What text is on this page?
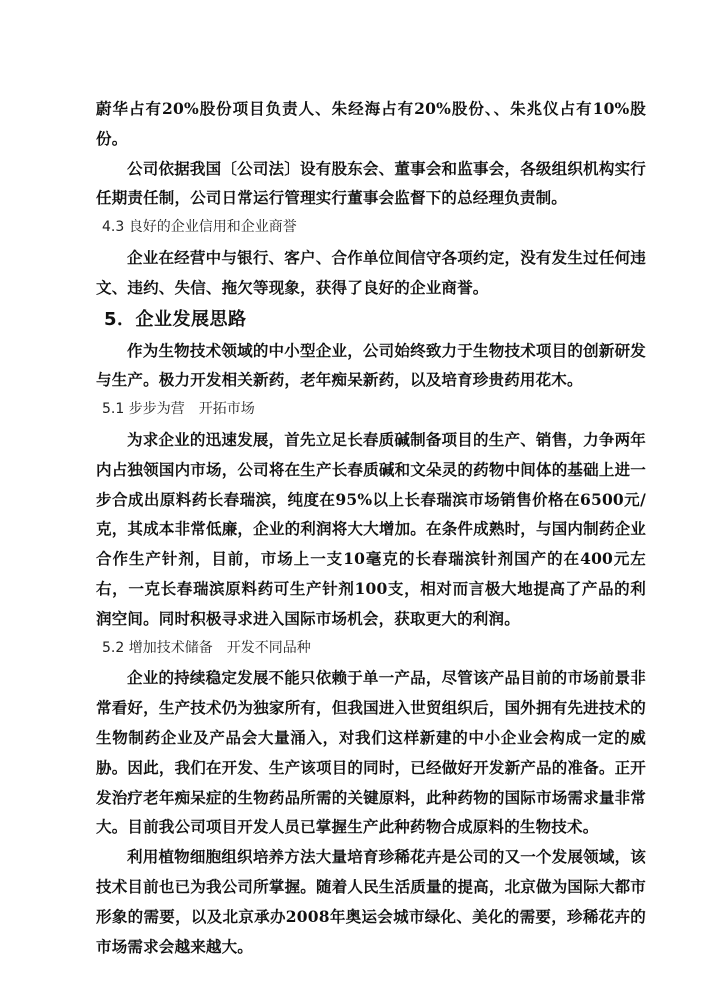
蔚华占有20%股份项目负责人、朱经海占有20%股份、、朱兆仪占有10%股份。

公司依据我国〔公司法〕设有股东会、董事会和监事会，各级组织机构实行任期责任制，公司日常运行管理实行董事会监督下的总经理负责制。

4.3 良好的企业信用和企业商誉

企业在经营中与银行、客户、合作单位间信守各项约定，没有发生过任何违文、违约、失信、拖欠等现象，获得了良好的企业商誉。

5．企业发展思路

作为生物技术领域的中小型企业，公司始终致力于生物技术项目的创新研发与生产。极力开发相关新药，老年痴呆新药，以及培育珍贵药用花木。

5.1 步步为营　开拓市场

为求企业的迅速发展，首先立足长春质碱制备项目的生产、销售，力争两年内占独领国内市场，公司将在生产长春质碱和文朵灵的药物中间体的基础上进一步合成出原料药长春瑞滨，纯度在95%以上长春瑞滨市场销售价格在6500元/克，其成本非常低廉，企业的利润将大大增加。在条件成熟时，与国内制药企业合作生产针剂，目前，市场上一支10毫克的长春瑞滨针剂国产的在400元左右，一克长春瑞滨原料药可生产针剂100支，相对而言极大地提高了产品的利润空间。同时积极寻求进入国际市场机会，获取更大的利润。

5.2 增加技术储备　开发不同品种

企业的持续稳定发展不能只依赖于单一产品，尽管该产品目前的市场前景非常看好，生产技术仍为独家所有，但我国进入世贸组织后，国外拥有先进技术的生物制药企业及产品会大量涌入，对我们这样新建的中小企业会构成一定的威胁。因此，我们在开发、生产该项目的同时，已经做好开发新产品的准备。正开发治疗老年痴呆症的生物药品所需的关键原料，此种药物的国际市场需求量非常大。目前我公司项目开发人员已掌握生产此种药物合成原料的生物技术。

利用植物细胞组织培养方法大量培育珍稀花卉是公司的又一个发展领域，该技术目前也已为我公司所掌握。随着人民生活质量的提高，北京做为国际大都市形象的需要，以及北京承办2008年奥运会城市绿化、美化的需要，珍稀花卉的市场需求会越来越大。
